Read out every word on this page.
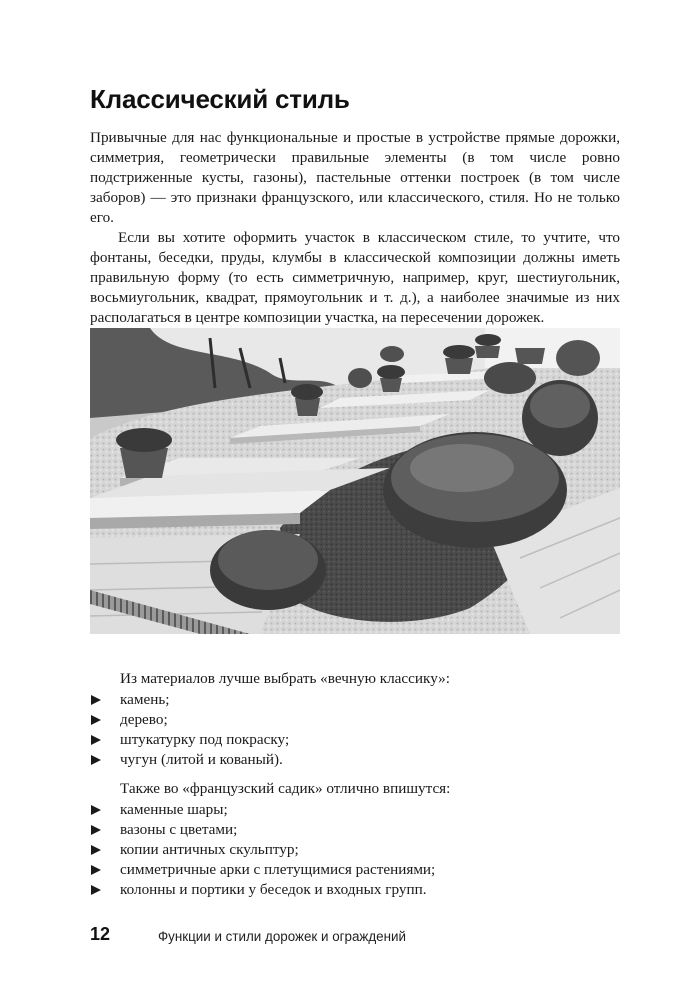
Классический стиль

Привычные для нас функциональные и простые в устройстве прямые дорожки, симметрия, геометрически правильные элементы (в том числе ровно подстриженные кусты, газоны), пастельные оттенки построек (в том числе заборов) — это признаки французского, или классического, стиля. Но не только его.

Если вы хотите оформить участок в классическом стиле, то учтите, что фонтаны, беседки, пруды, клумбы в классической композиции должны иметь правильную форму (то есть симметричную, например, круг, шестиугольник, восьмиугольник, квадрат, прямоугольник и т. д.), а наиболее значимые из них располагаться в центре композиции участка, на пересечении дорожек.

Из материалов лучше выбрать «вечную классику»:

камень;
дерево;
штукатурку под покраску;
чугун (литой и кованый).

Также во «французский садик» отлично впишутся:

каменные шары;
вазоны с цветами;
копии античных скульптур;
симметричные арки с плетущимися растениями;
колонны и портики у беседок и входных групп.
12	Функции и стили дорожек и ограждений
